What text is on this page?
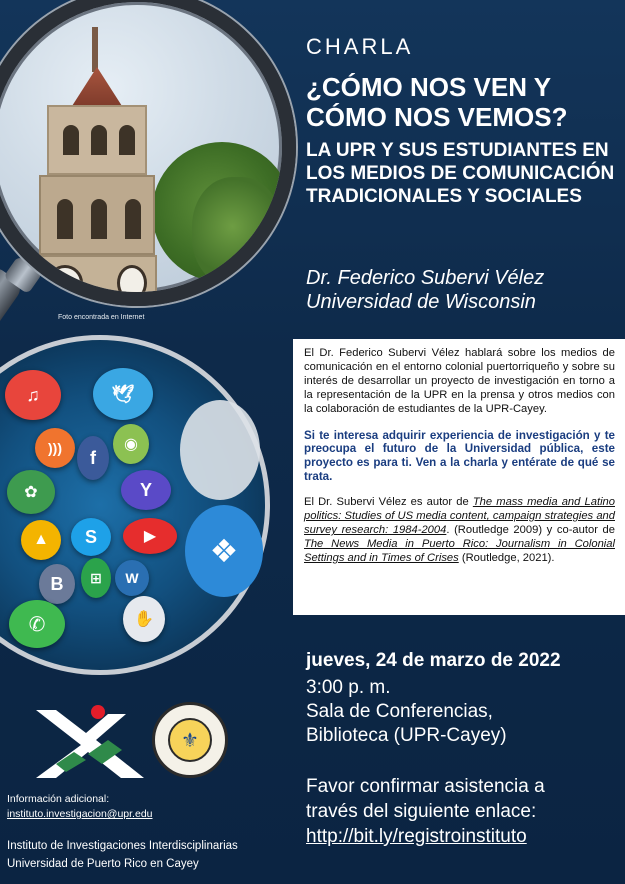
Foto encontrada en Internet
♫	🕊
)))	f
◉
✿	Y
▲	S	▶
B	⊞	W
✆	✋
❖
CHARLA
¿CÓMO NOS VEN Y CÓMO NOS VEMOS?
LA UPR Y SUS ESTUDIANTES EN LOS MEDIOS DE COMUNICACIÓN TRADICIONALES Y SOCIALES
Dr. Federico Subervi Vélez
Universidad de Wisconsin

El Dr. Federico Subervi Vélez hablará sobre los medios de comunicación en el entorno colonial puertorriqueño y sobre su interés de desarrollar un proyecto de investigación en torno a la representación de la UPR en la prensa y otros medios con la colaboración de estudiantes de la UPR-Cayey.

Si te interesa adquirir experiencia de investigación y te preocupa el futuro de la Universidad pública, este proyecto es para ti. Ven a la charla y entérate de qué se trata.

El Dr. Subervi Vélez es autor de The mass media and Latino politics: Studies of US media content, campaign strategies and survey research: 1984-2004. (Routledge 2009) y co-autor de The News Media in Puerto Rico: Journalism in Colonial Settings and in Times of Crises (Routledge, 2021).

jueves, 24 de marzo de 2022
3:00 p. m.
Sala de Conferencias,
Biblioteca (UPR-Cayey)
Favor confirmar asistencia a
través del siguiente enlace:
http://bit.ly/registroinstituto
⚜
Información adicional:
instituto.investigacion@upr.edu
Instituto de Investigaciones Interdisciplinarias
Universidad de Puerto Rico en Cayey
